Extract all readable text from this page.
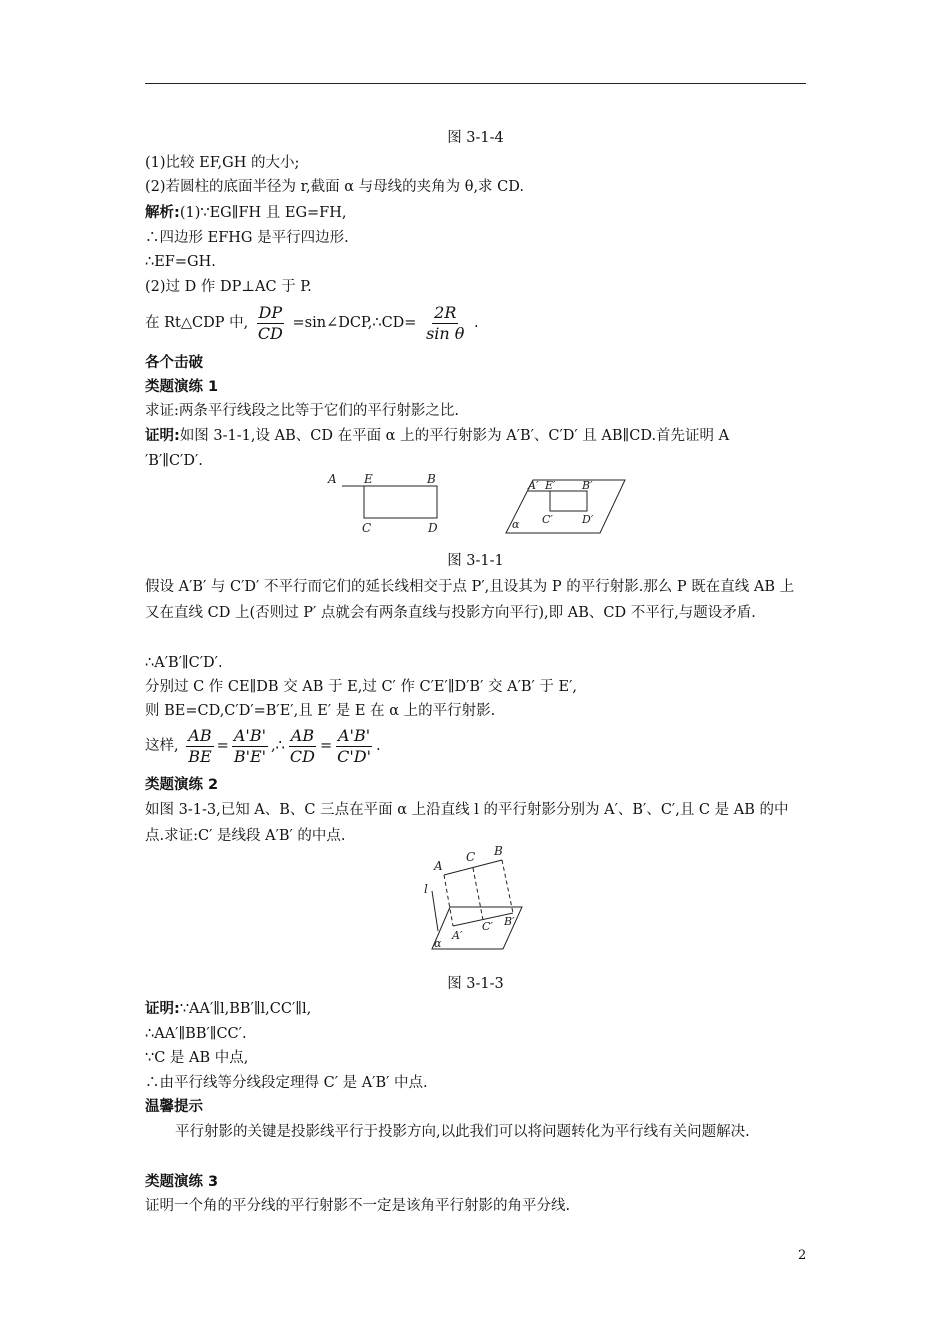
图 3-1-4
(1)比较 EF,GH 的大小;
(2)若圆柱的底面半径为 r,截面 α 与母线的夹角为 θ,求 CD.
解析:(1)∵EG∥FH 且 EG=FH,
∴四边形 EFHG 是平行四边形.
∴EF=GH.
(2)过 D 作 DP⊥AC 于 P.
在 Rt△CDP 中, $\frac{DP}{CD}$ =sin∠DCP,∴CD= $\frac{2R}{\text{sin θ}}$ .
各个击破
类题演练 1
求证:两条平行线段之比等于它们的平行射影之比.
证明:如图 3-1-1,设 AB、CD 在平面 α 上的平行射影为 A′B′、C′D′ 且 AB∥CD.首先证明 A
′B′∥C′D′.
A E	B
C	D
A′ E′ B′
C′	D′
α
图 3-1-1
假设 A′B′ 与 C′D′ 不平行而它们的延长线相交于点 P′,且设其为 P 的平行射影.那么 P 既在直线 AB 上又在直线 CD 上(否则过 P′ 点就会有两条直线与投影方向平行),即 AB、CD 不平行,与题设矛盾.
∴A′B′∥C′D′.
分别过 C 作 CE∥DB 交 AB 于 E,过 C′ 作 C′E′∥D′B′ 交 A′B′ 于 E′,
则 BE=CD,C′D′=B′E′,且 E′ 是 E 在 α 上的平行射影.
这样, $\frac{AB}{BE} = \frac{A'B'}{B'E'}$ ,∴ $\frac{AB}{CD} = \frac{A'B'}{C'D'}$ .
类题演练 2
如图 3-1-3,已知 A、B、C 三点在平面 α 上沿直线 l 的平行射影分别为 A′、B′、C′,且 C 是 AB 的中点.求证:C′ 是线段 A′B′ 的中点.
A
C B
l
A′
C′ B′
α
图 3-1-3
证明:∵AA′∥l,BB′∥l,CC′∥l,
∴AA′∥BB′∥CC′.
∵C 是 AB 中点,
∴由平行线等分线段定理得 C′ 是 A′B′ 中点.
温馨提示
平行射影的关键是投影线平行于投影方向,以此我们可以将问题转化为平行线有关问题解决.
类题演练 3
证明一个角的平分线的平行射影不一定是该角平行射影的角平分线.
2
